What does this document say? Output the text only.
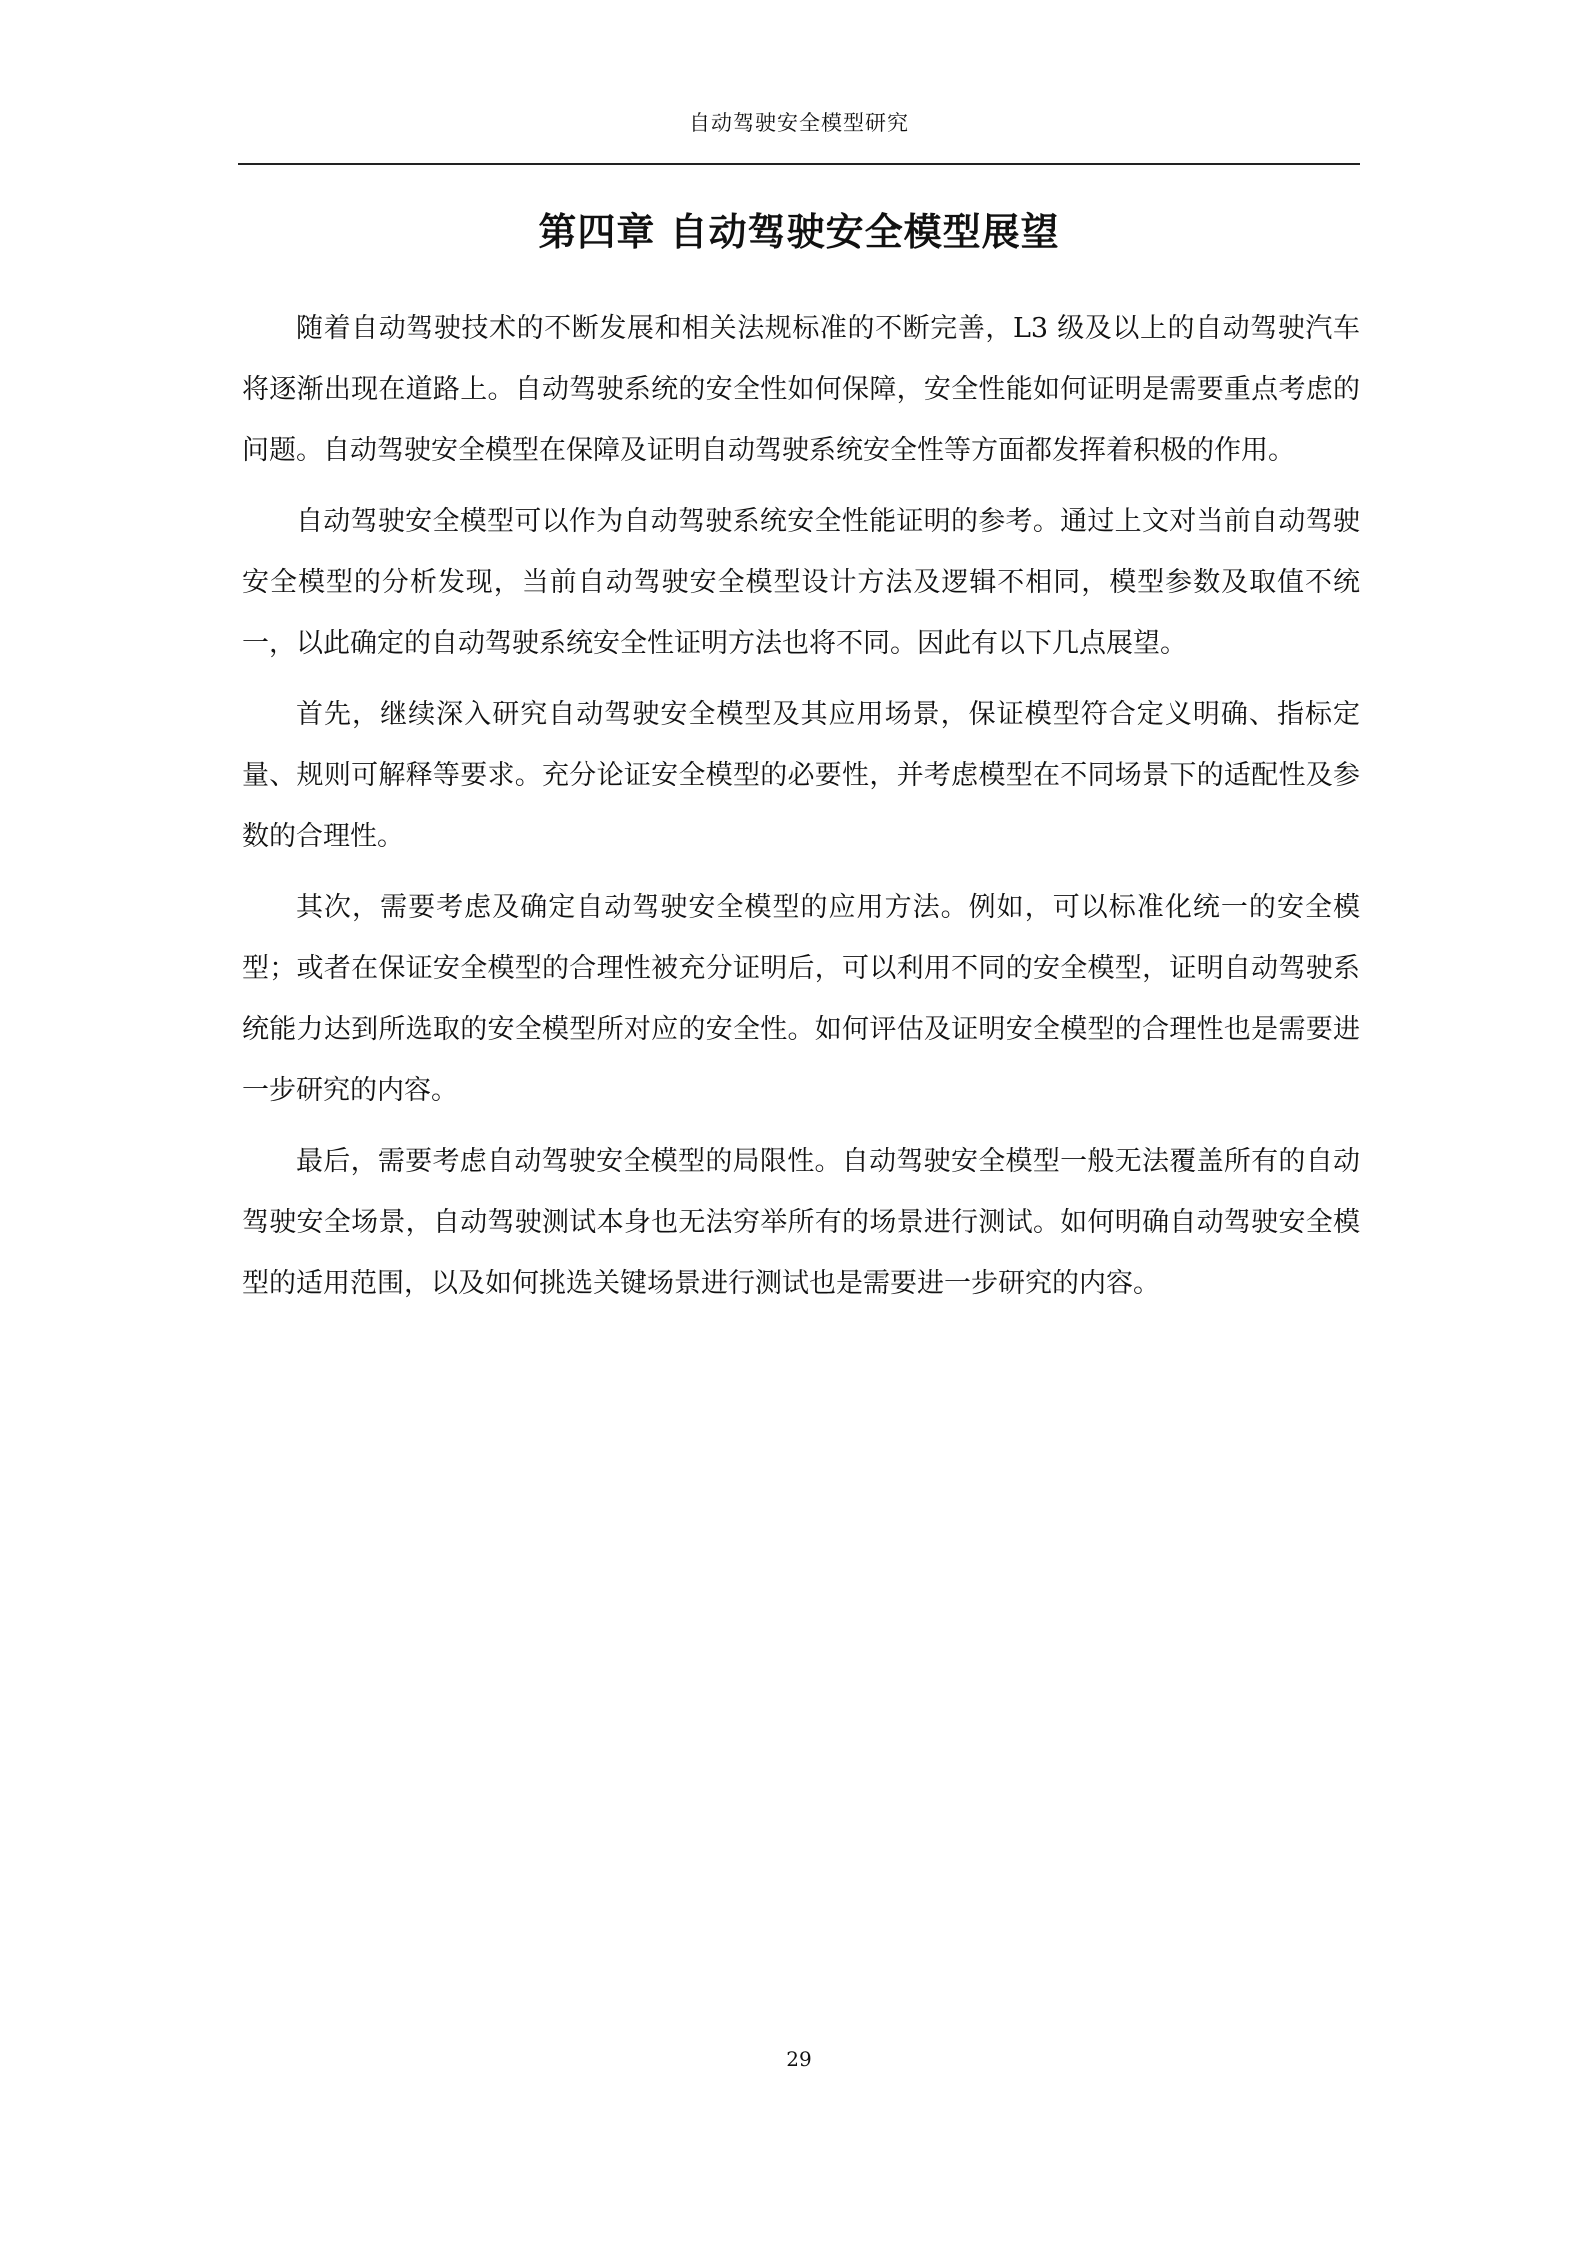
自动驾驶安全模型研究
第四章 自动驾驶安全模型展望

随着自动驾驶技术的不断发展和相关法规标准的不断完善，L3 级及以上的自动驾驶汽车将逐渐出现在道路上。自动驾驶系统的安全性如何保障，安全性能如何证明是需要重点考虑的问题。自动驾驶安全模型在保障及证明自动驾驶系统安全性等方面都发挥着积极的作用。

自动驾驶安全模型可以作为自动驾驶系统安全性能证明的参考。通过上文对当前自动驾驶安全模型的分析发现，当前自动驾驶安全模型设计方法及逻辑不相同，模型参数及取值不统一，以此确定的自动驾驶系统安全性证明方法也将不同。因此有以下几点展望。

首先，继续深入研究自动驾驶安全模型及其应用场景，保证模型符合定义明确、指标定量、规则可解释等要求。充分论证安全模型的必要性，并考虑模型在不同场景下的适配性及参数的合理性。

其次，需要考虑及确定自动驾驶安全模型的应用方法。例如，可以标准化统一的安全模型；或者在保证安全模型的合理性被充分证明后，可以利用不同的安全模型，证明自动驾驶系统能力达到所选取的安全模型所对应的安全性。如何评估及证明安全模型的合理性也是需要进一步研究的内容。

最后，需要考虑自动驾驶安全模型的局限性。自动驾驶安全模型一般无法覆盖所有的自动驾驶安全场景，自动驾驶测试本身也无法穷举所有的场景进行测试。如何明确自动驾驶安全模型的适用范围，以及如何挑选关键场景进行测试也是需要进一步研究的内容。

29
